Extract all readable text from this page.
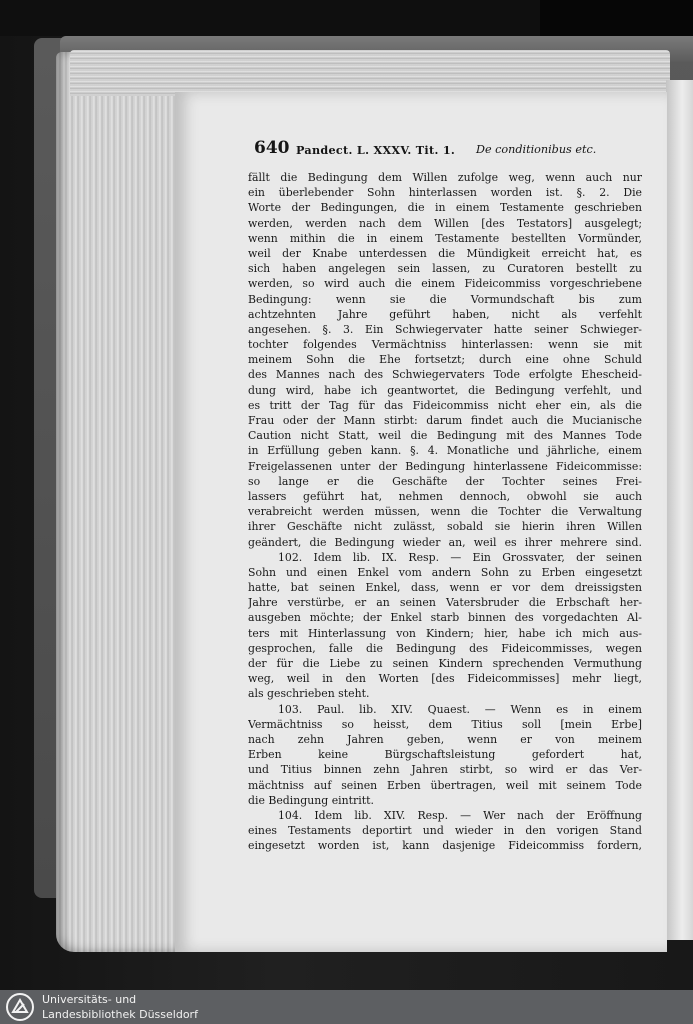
640 Pandect. L. XXXV. Tit. 1. De conditionibus etc.
fällt die Bedingung dem Willen zufolge weg, wenn auch nur
ein überlebender Sohn hinterlassen worden ist. §. 2. Die
Worte der Bedingungen, die in einem Testamente geschrieben
werden, werden nach dem Willen [des Testators] ausgelegt;
wenn mithin die in einem Testamente bestellten Vormünder,
weil der Knabe unterdessen die Mündigkeit erreicht hat, es
sich haben angelegen sein lassen, zu Curatoren bestellt zu
werden, so wird auch die einem Fideicommiss vorgeschriebene
Bedingung: wenn sie die Vormundschaft bis zum
achtzehnten Jahre geführt haben, nicht als verfehlt
angesehen. §. 3. Ein Schwiegervater hatte seiner Schwieger-
tochter folgendes Vermächtniss hinterlassen: wenn sie mit
meinem Sohn die Ehe fortsetzt; durch eine ohne Schuld
des Mannes nach des Schwiegervaters Tode erfolgte Ehescheid-
dung wird, habe ich geantwortet, die Bedingung verfehlt, und
es tritt der Tag für das Fideicommiss nicht eher ein, als die
Frau oder der Mann stirbt: darum findet auch die Mucianische
Caution nicht Statt, weil die Bedingung mit des Mannes Tode
in Erfüllung geben kann. §. 4. Monatliche und jährliche, einem
Freigelassenen unter der Bedingung hinterlassene Fideicommisse:
so lange er die Geschäfte der Tochter seines Frei-
lassers geführt hat, nehmen dennoch, obwohl sie auch
verabreicht werden müssen, wenn die Tochter die Verwaltung
ihrer Geschäfte nicht zulässt, sobald sie hierin ihren Willen
geändert, die Bedingung wieder an, weil es ihrer mehrere sind.
102. Idem lib. IX. Resp. — Ein Grossvater, der seinen
Sohn und einen Enkel vom andern Sohn zu Erben eingesetzt
hatte, bat seinen Enkel, dass, wenn er vor dem dreissigsten
Jahre verstürbe, er an seinen Vatersbruder die Erbschaft her-
ausgeben möchte; der Enkel starb binnen des vorgedachten Al-
ters mit Hinterlassung von Kindern; hier, habe ich mich aus-
gesprochen, falle die Bedingung des Fideicommisses, wegen
der für die Liebe zu seinen Kindern sprechenden Vermuthung
weg, weil in den Worten [des Fideicommisses] mehr liegt,
als geschrieben steht.
103. Paul. lib. XIV. Quaest. — Wenn es in einem
Vermächtniss so heisst, dem Titius soll [mein Erbe]
nach zehn Jahren geben, wenn er von meinem
Erben keine Bürgschaftsleistung gefordert hat,
und Titius binnen zehn Jahren stirbt, so wird er das Ver-
mächtniss auf seinen Erben übertragen, weil mit seinem Tode
die Bedingung eintritt.
104. Idem lib. XIV. Resp. — Wer nach der Eröffnung
eines Testaments deportirt und wieder in den vorigen Stand
eingesetzt worden ist, kann dasjenige Fideicommiss fordern,
Universitäts- und
Landesbibliothek Düsseldorf
